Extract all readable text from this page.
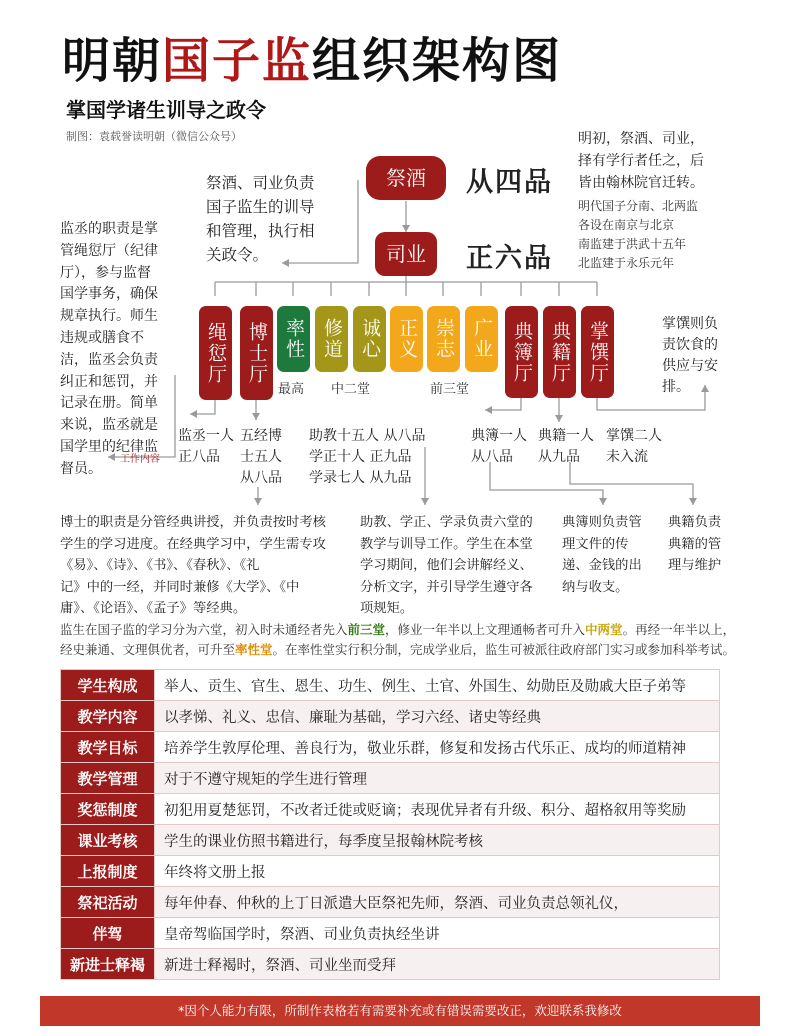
明朝国子监组织架构图
掌国学诸生训导之政令
制图：袁载誉读明朝（微信公众号）
祭酒	从四品
司业	正六品
祭酒、司业负责
国子监生的训导
和管理，执行相
关政令。
明初，祭酒、司业，
择有学行者任之，后
皆由翰林院官迁转。
明代国子分南、北两监
各设在南京与北京
南监建于洪武十五年
北监建于永乐元年
监丞的职责是掌
管绳愆厅（纪律
厅），参与监督
国学事务，确保
规章执行。师生
违规或膳食不
洁，监丞会负责
纠正和惩罚，并
记录在册。简单
来说，监丞就是
国学里的纪律监
督员。
工作内容
绳愆厅	博士厅 率性 修道 诚心 正义 崇志 广业 典簿厅 典籍厅 掌馔厅
最高 中二堂	前三堂
掌馔则负
责饮食的
供应与安
排。
监丞一人
正八品
五经博
士五人
从八品
助教十五人 从八品
学正十人 正九品
学录七人 从九品
典簿一人
从八品
典籍一人
从九品
掌馔二人
未入流
博士的职责是分管经典讲授，并负责按时考核
学生的学习进度。在经典学习中，学生需专攻
《易》、《诗》、《书》、《春秋》、《礼
记》中的一经，并同时兼修《大学》、《中
庸》、《论语》、《孟子》等经典。
助教、学正、学录负责六堂的
教学与训导工作。学生在本堂
学习期间，他们会讲解经义、
分析文字，并引导学生遵守各
项规矩。
典簿则负责管
理文件的传
递、金钱的出
纳与收支。
典籍负责
典籍的管
理与维护
监生在国子监的学习分为六堂，初入时未通经者先入前三堂，修业一年半以上文理通畅者可升入中两堂。再经一年半以上，经史兼通、文理俱优者，可升至率性堂。在率性堂实行积分制，完成学业后，监生可被派往政府部门实习或参加科举考试。
学生构成	举人、贡生、官生、恩生、功生、例生、土官、外国生、幼勋臣及勋戚大臣子弟等
教学内容	以孝悌、礼义、忠信、廉耻为基础，学习六经、诸史等经典
教学目标	培养学生敦厚伦理、善良行为，敬业乐群，修复和发扬古代乐正、成均的师道精神
教学管理	对于不遵守规矩的学生进行管理
奖惩制度	初犯用夏楚惩罚，不改者迁徙或贬谪；表现优异者有升级、积分、超格叙用等奖励
课业考核	学生的课业仿照书籍进行，每季度呈报翰林院考核
上报制度	年终将文册上报
祭祀活动	每年仲春、仲秋的上丁日派遣大臣祭祀先师，祭酒、司业负责总领礼仪，
伴驾	皇帝驾临国学时，祭酒、司业负责执经坐讲
新进士释褐	新进士释褐时，祭酒、司业坐而受拜
*因个人能力有限，所制作表格若有需要补充或有错误需要改正，欢迎联系我修改
